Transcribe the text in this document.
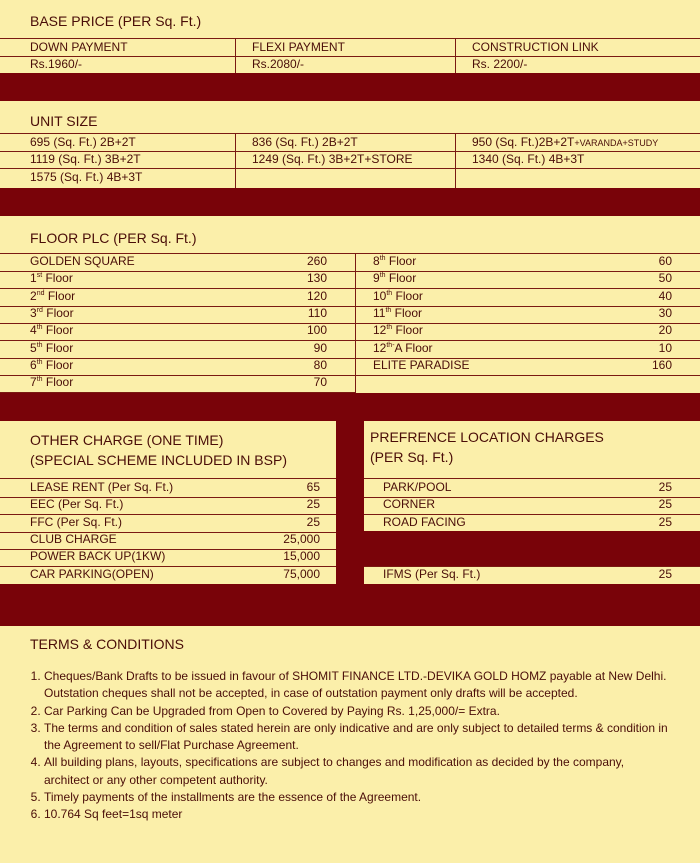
BASE PRICE (PER Sq. Ft.)
DOWN PAYMENT	FLEXI PAYMENT	CONSTRUCTION LINK
Rs.1960/-	Rs.2080/-	Rs. 2200/-
UNIT SIZE
695 (Sq. Ft.) 2B+2T	836 (Sq. Ft.) 2B+2T	950 (Sq. Ft.)2B+2T+VARANDA+STUDY
1119 (Sq. Ft.) 3B+2T	1249 (Sq. Ft.) 3B+2T+STORE	1340 (Sq. Ft.) 4B+3T
1575 (Sq. Ft.) 4B+3T
FLOOR PLC (PER Sq. Ft.)
GOLDEN SQUARE	260
1st Floor	130
2nd Floor	120
3rd Floor	110
4th Floor	100
5th Floor	90
6th Floor	80
7th Floor	70
8th Floor	60
9th Floor	50
10th Floor	40
11th Floor	30
12th Floor	20
$12^{th-}A$ Floor	10
ELITE PARADISE	160
OTHER CHARGE (ONE TIME)
(SPECIAL SCHEME INCLUDED IN BSP)
PREFRENCE LOCATION CHARGES
(PER Sq. Ft.)
LEASE RENT (Per Sq. Ft.)	65
EEC (Per Sq. Ft.)	25
FFC (Per Sq. Ft.)	25
CLUB CHARGE	25,000
POWER BACK UP(1KW)	15,000
CAR PARKING(OPEN)	75,000
PARK/POOL	25
CORNER	25
ROAD FACING	25
IFMS (Per Sq. Ft.)	25
TERMS & CONDITIONS
1. Cheques/Bank Drafts to be issued in favour of SHOMIT FINANCE LTD.-DEVIKA GOLD HOMZ payable at New Delhi. Outstation cheques shall not be accepted, in case of outstation payment only drafts will be accepted.
2. Car Parking Can be Upgraded from Open to Covered by Paying Rs. 1,25,000/= Extra.
3. The terms and condition of sales stated herein are only indicative and are only subject to detailed terms & condition in the Agreement to sell/Flat Purchase Agreement.
4. All building plans, layouts, specifications are subject to changes and modification as decided by the company, architect or any other competent authority.
5. Timely payments of the installments are the essence of the Agreement.
6. 10.764 Sq feet=1sq meter
